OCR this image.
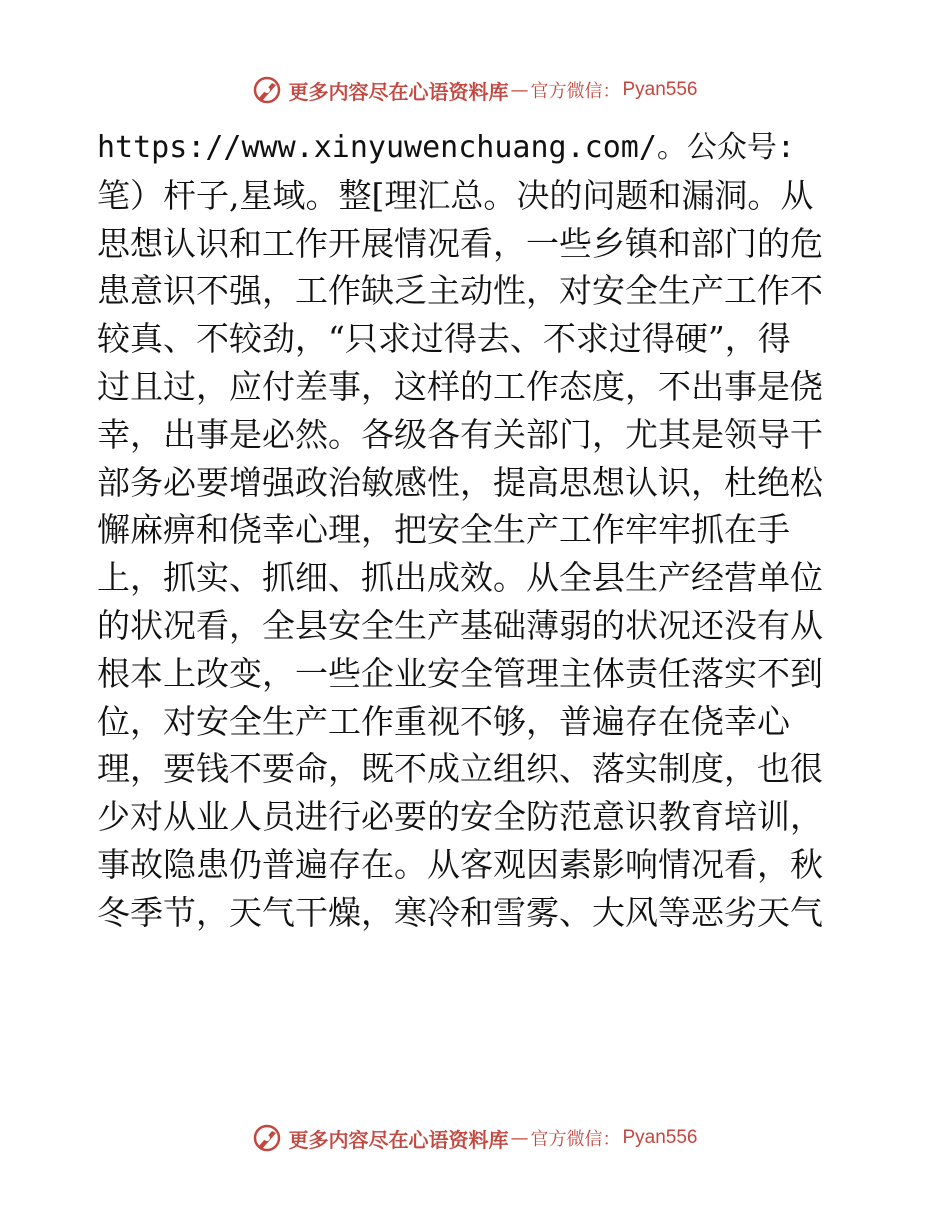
更多内容尽在心语资料库 — 官方微信： Pyan556
https://www.xinyuwenchuang.com/。公众号:
笔）杆子,星域。整[理汇总。决的问题和漏洞。从
思想认识和工作开展情况看，一些乡镇和部门的危
患意识不强，工作缺乏主动性，对安全生产工作不
较真、不较劲，“只求过得去、不求过得硬”，得
过且过，应付差事，这样的工作态度，不出事是侥
幸，出事是必然。各级各有关部门，尤其是领导干
部务必要增强政治敏感性，提高思想认识，杜绝松
懈麻痹和侥幸心理，把安全生产工作牢牢抓在手
上，抓实、抓细、抓出成效。从全县生产经营单位
的状况看，全县安全生产基础薄弱的状况还没有从
根本上改变，一些企业安全管理主体责任落实不到
位，对安全生产工作重视不够，普遍存在侥幸心
理，要钱不要命，既不成立组织、落实制度，也很
少对从业人员进行必要的安全防范意识教育培训，
事故隐患仍普遍存在。从客观因素影响情况看，秋
冬季节，天气干燥，寒冷和雪雾、大风等恶劣天气
更多内容尽在心语资料库 — 官方微信： Pyan556
